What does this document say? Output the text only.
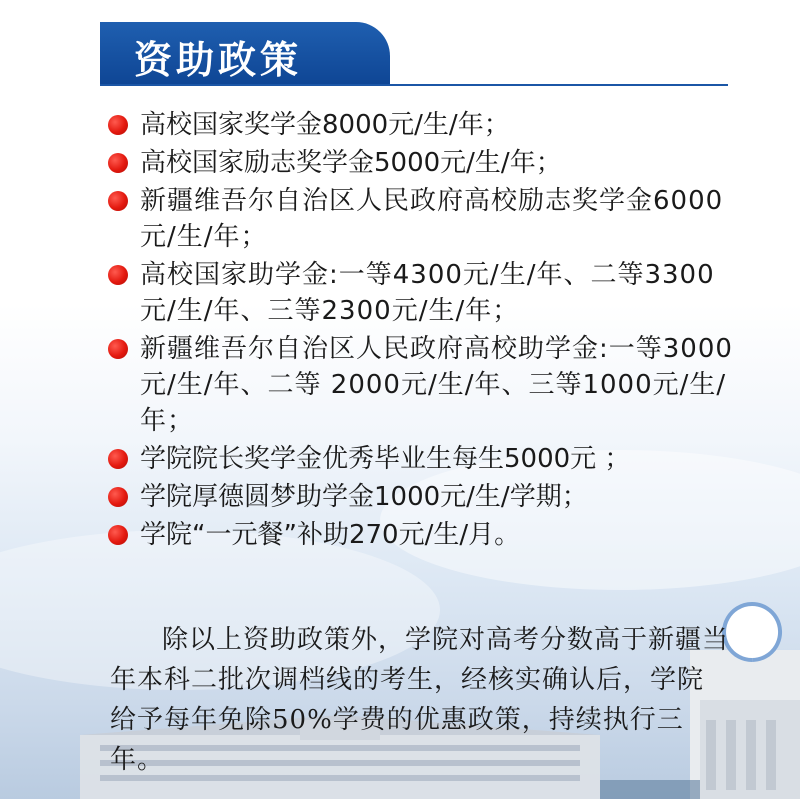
资助政策
高校国家奖学金8000元/生/年；
高校国家励志奖学金5000元/生/年；
新疆维吾尔自治区人民政府高校励志奖学金6000元/生/年；
高校国家助学金:一等4300元/生/年、二等3300元/生/年、三等2300元/生/年；
新疆维吾尔自治区人民政府高校助学金:一等3000元/生/年、二等 2000元/生/年、三等1000元/生/年；
学院院长奖学金优秀毕业生每生5000元 ；
学院厚德圆梦助学金1000元/生/学期；
学院“一元餐”补助270元/生/月。
除以上资助政策外，学院对高考分数高于新疆当年本科二批次调档线的考生，经核实确认后，学院给予每年免除50%学费的优惠政策，持续执行三年。
